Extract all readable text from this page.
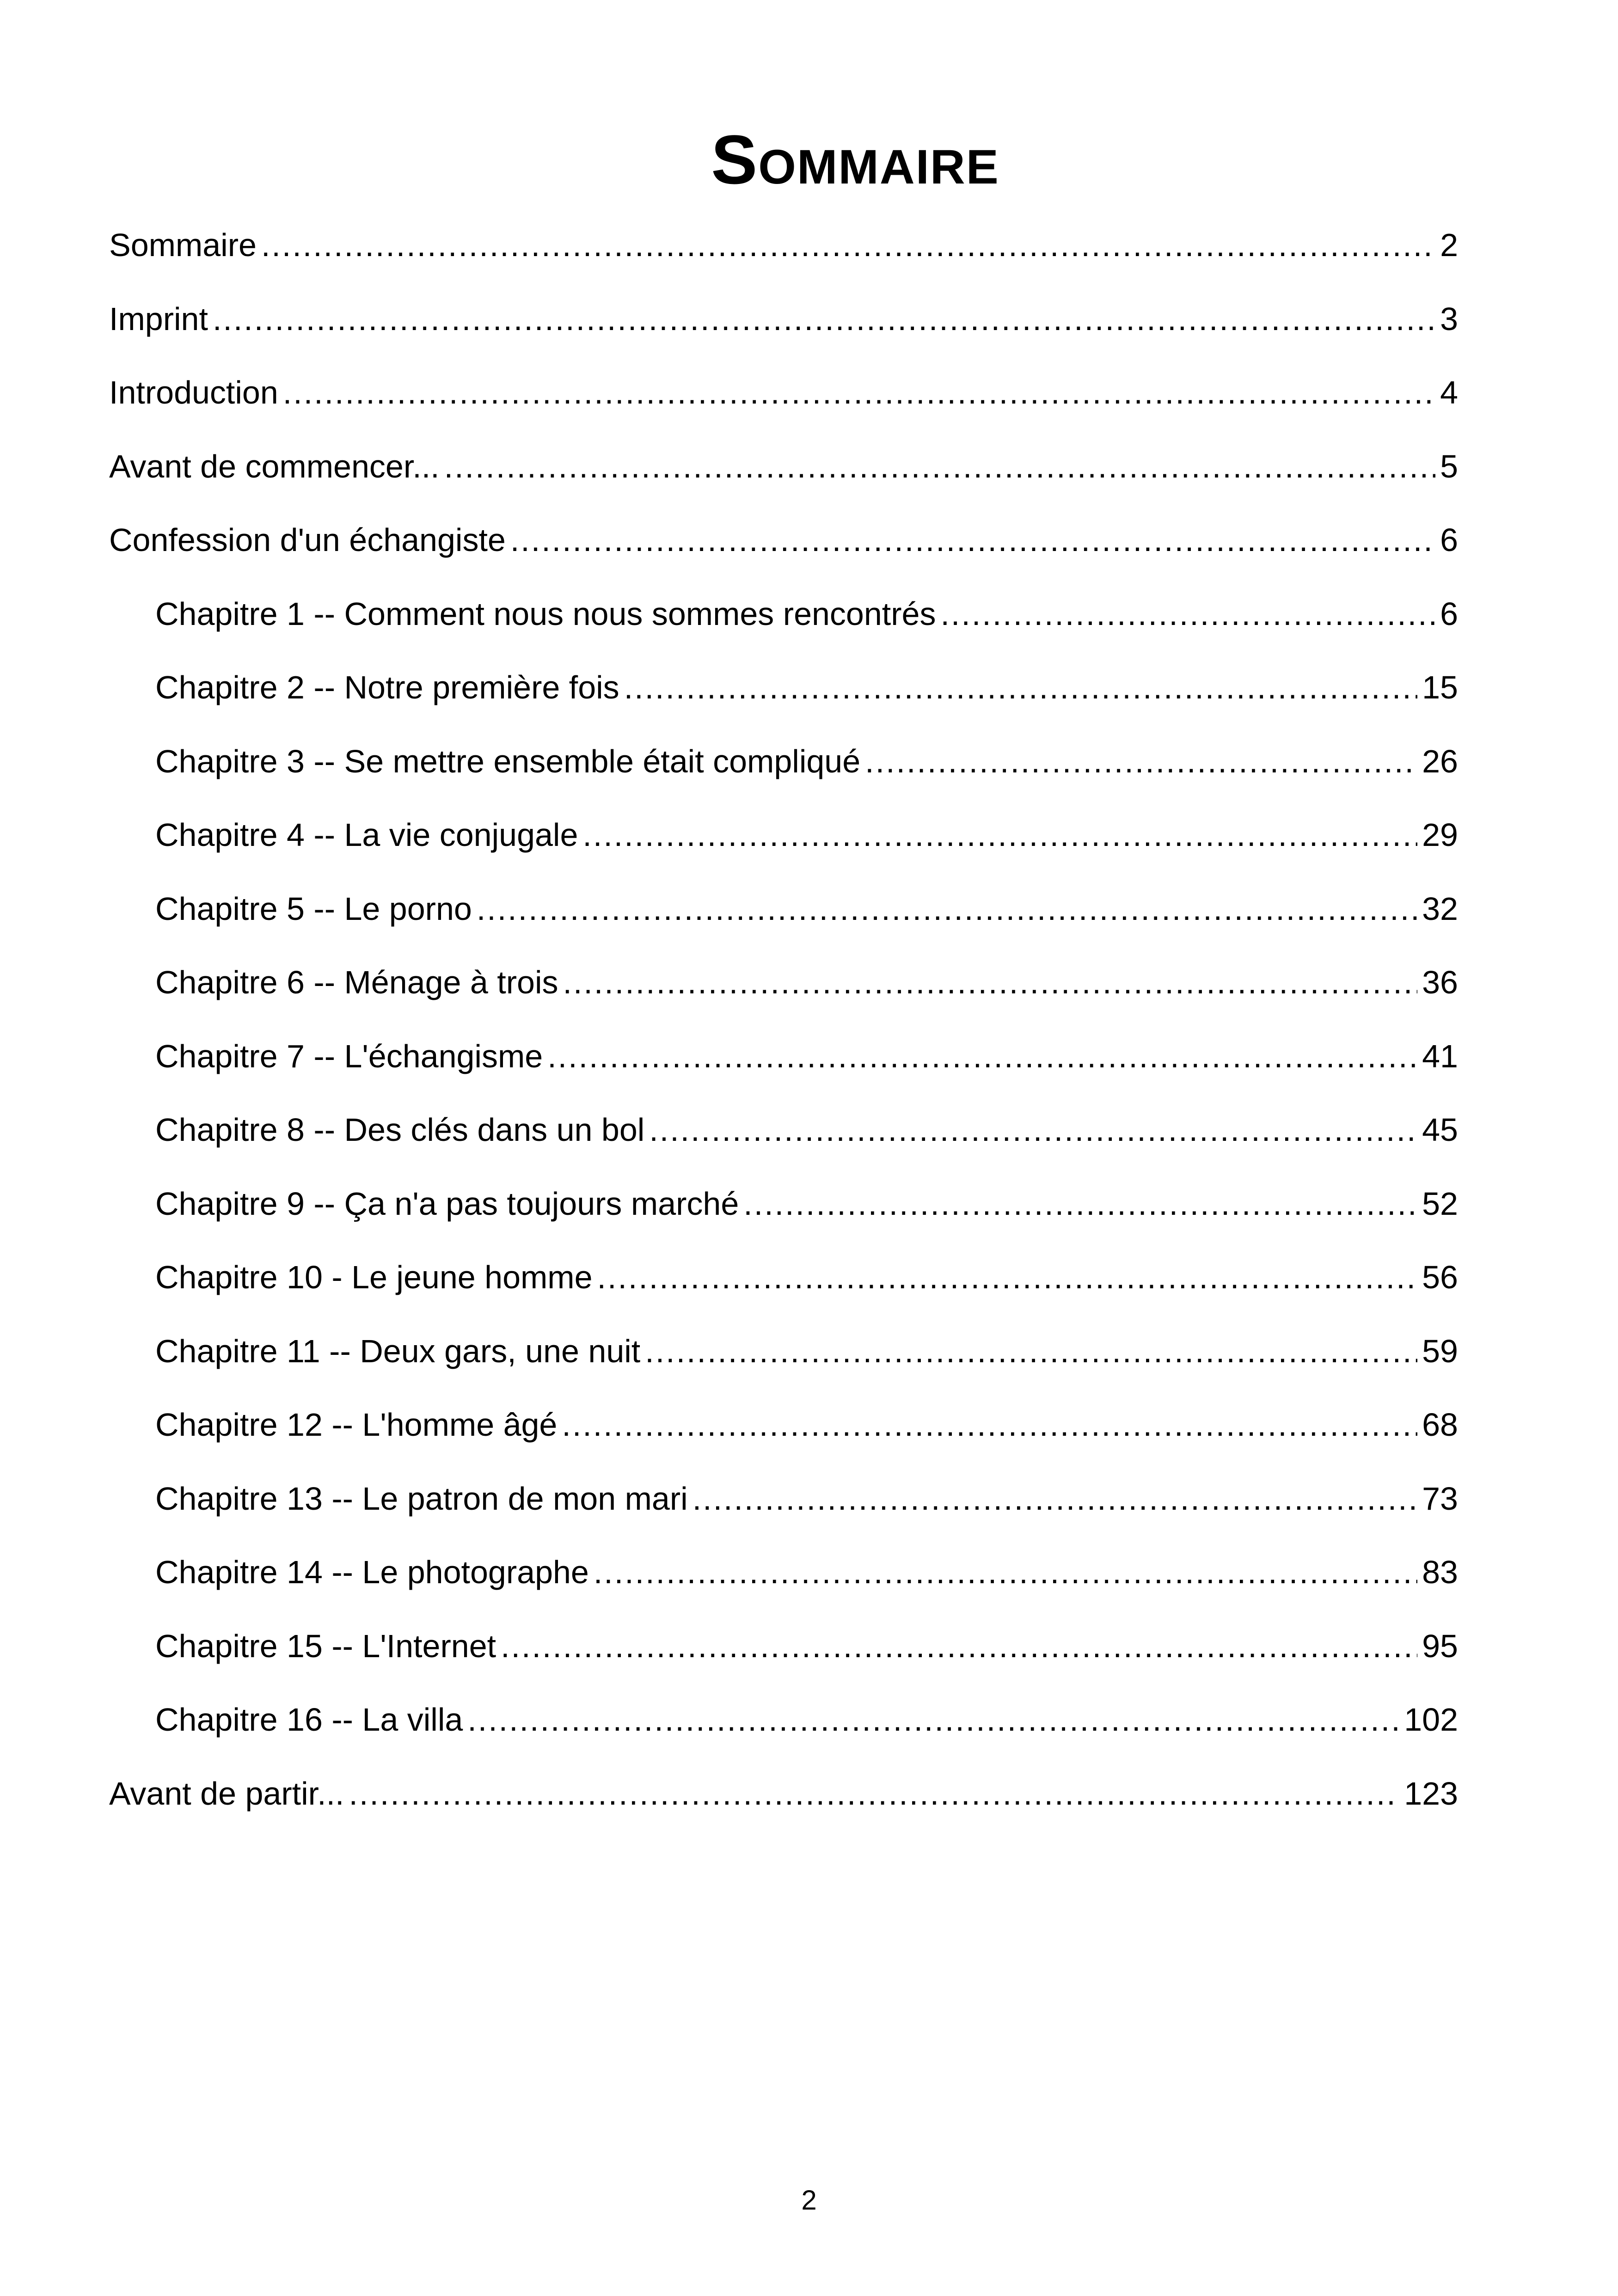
Sommaire
Sommaire .....	2
Imprint .....	3
Introduction .....	4
Avant de commencer... .....	5
Confession d'un échangiste .....	6
Chapitre 1 -- Comment nous nous sommes rencontrés .....	6
Chapitre 2 -- Notre première fois .....	15
Chapitre 3 -- Se mettre ensemble était compliqué .....	26
Chapitre 4 -- La vie conjugale .....	29
Chapitre 5 -- Le porno .....	32
Chapitre 6 -- Ménage à trois .....	36
Chapitre 7 -- L'échangisme .....	41
Chapitre 8 -- Des clés dans un bol .....	45
Chapitre 9 -- Ça n'a pas toujours marché .....	52
Chapitre 10 - Le jeune homme .....	56
Chapitre 11 -- Deux gars, une nuit .....	59
Chapitre 12 -- L'homme âgé .....	68
Chapitre 13 -- Le patron de mon mari .....	73
Chapitre 14 -- Le photographe .....	83
Chapitre 15 -- L'Internet .....	95
Chapitre 16 -- La villa .....	102
Avant de partir... .....	123
2
